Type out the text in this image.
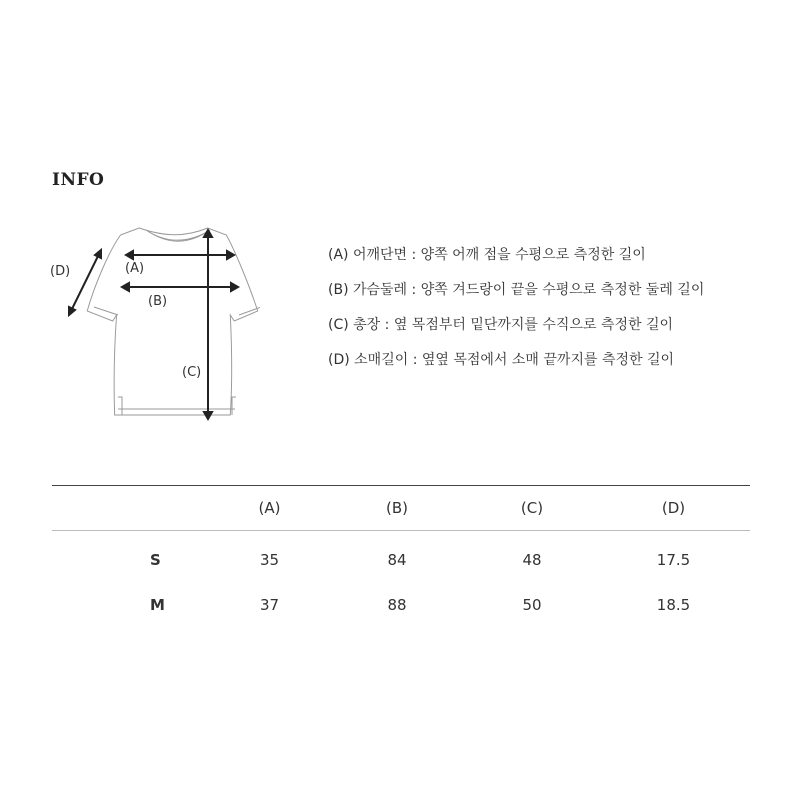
INFO
(A)
(B)
(C)
(D)
(A) 어깨단면 : 양쪽 어깨 점을 수평으로 측정한 길이
(B) 가슴둘레 : 양쪽 겨드랑이 끝을 수평으로 측정한 둘레 길이
(C) 총장 : 옆 목점부터 밑단까지를 수직으로 측정한 길이
(D) 소매길이 : 옆옆 목점에서 소매 끝까지를 측정한 길이
	(A)	(B)	(C)	(D)
S	35	84	48	17.5
M	37	88	50	18.5
